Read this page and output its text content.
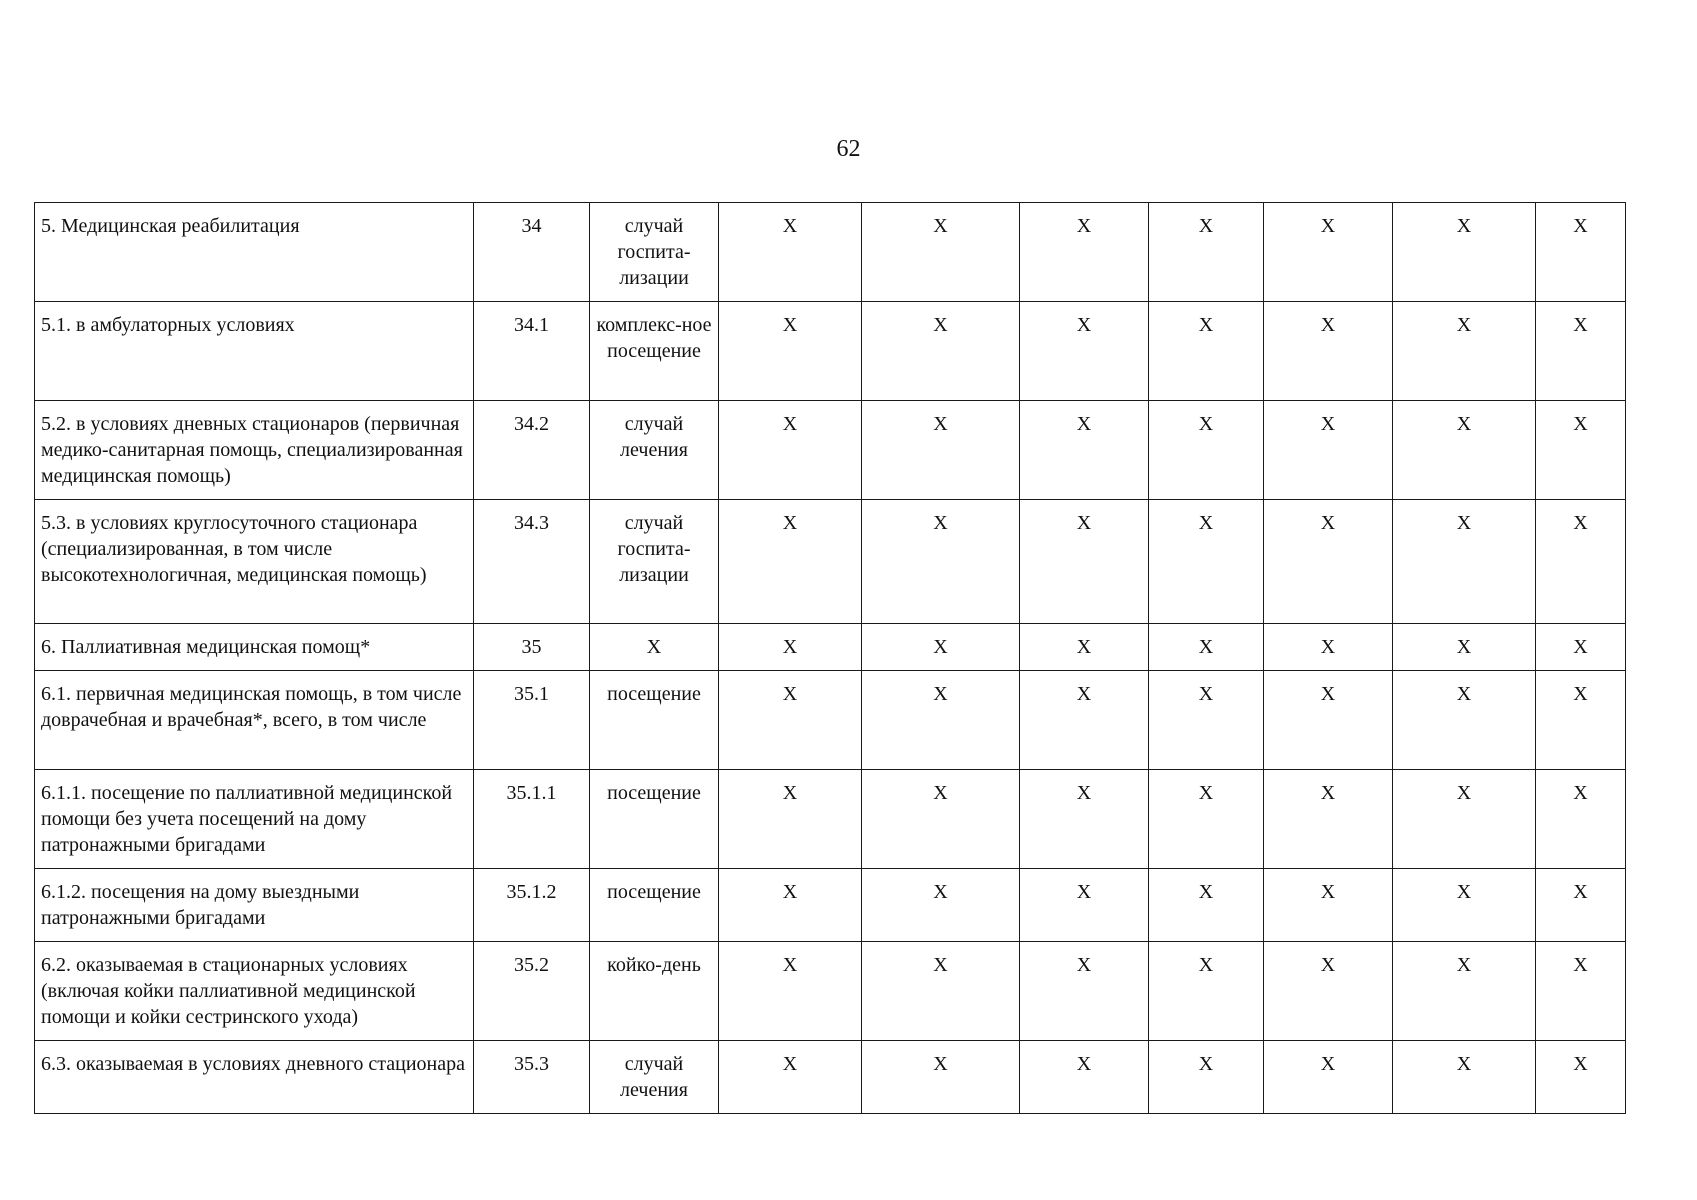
62
5. Медицинская реабилитация	34	случай госпита-лизации	X	X	X	X	X	X	X
5.1. в амбулаторных условиях	34.1	комплекс-ное посещение	X	X	X	X	X	X	X
5.2. в условиях дневных стационаров (первичная медико-санитарная помощь, специализированная медицинская помощь)	34.2	случай лечения	X	X	X	X	X	X	X
5.3. в условиях круглосуточного стационара (специализированная, в том числе высокотехнологичная, медицинская помощь)	34.3	случай госпита-лизации	X	X	X	X	X	X	X
6. Паллиативная медицинская помощ*	35	X	X	X	X	X	X	X	X
6.1. первичная медицинская помощь, в том числе доврачебная и врачебная*, всего, в том числе	35.1	посещение	X	X	X	X	X	X	X
6.1.1. посещение по паллиативной медицинской помощи без учета посещений на дому патронажными бригадами	35.1.1	посещение	X	X	X	X	X	X	X
6.1.2. посещения на дому выездными патронажными бригадами	35.1.2	посещение	X	X	X	X	X	X	X
6.2. оказываемая в стационарных условиях (включая койки паллиативной медицинской помощи и койки сестринского ухода)	35.2	койко-день	X	X	X	X	X	X	X
6.3. оказываемая в условиях дневного стационара	35.3	случай лечения	X	X	X	X	X	X	X
